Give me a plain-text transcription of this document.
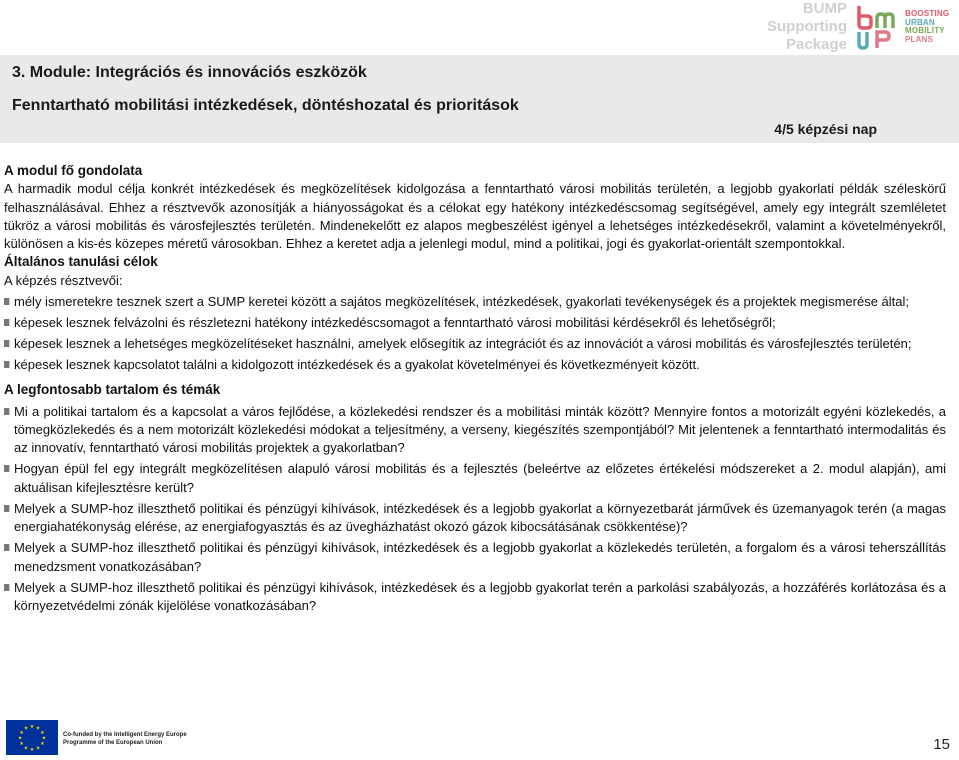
BUMP
Supporting
Package
BOOSTING
URBAN
MOBILITY
PLANS
3. Module: Integrációs és innovációs eszközök
Fenntartható mobilitási intézkedések, döntéshozatal és prioritások
4/5 képzési nap
A modul fő gondolata

A harmadik modul célja konkrét intézkedések és megközelítések kidolgozása a fenntartható városi mobilitás területén, a legjobb gyakorlati példák széleskörű felhasználásával. Ehhez a résztvevők azonosítják a hiányosságokat és a célokat egy hatékony intézkedéscsomag segítségével, amely egy integrált szemléletet tükröz a városi mobilitás és városfejlesztés területén. Mindenekelőtt ez alapos megbeszélést igényel a lehetséges intézkedésekről, valamint a követelményekről, különösen a kis-és közepes méretű városokban. Ehhez a keretet adja a jelenlegi modul, mind a politikai, jogi és gyakorlat-orientált szempontokkal.

Általános tanulási célok

A képzés résztvevői:

mély ismeretekre tesznek szert a SUMP keretei között a sajátos megközelítések, intézkedések, gyakorlati tevékenységek és a projektek megismerése által;
képesek lesznek felvázolni és részletezni hatékony intézkedéscsomagot a fenntartható városi mobilitási kérdésekről és lehetőségről;
képesek lesznek a lehetséges megközelítéseket használni, amelyek elősegítik az integrációt és az innovációt a városi mobilitás és városfejlesztés területén;
képesek lesznek kapcsolatot találni a kidolgozott intézkedések és a gyakolat követelményei és következményeit között.
A legfontosabb tartalom és témák
Mi a politikai tartalom és a kapcsolat a város fejlődése, a közlekedési rendszer és a mobilitási minták között? Mennyire fontos a motorizált egyéni közlekedés, a tömegközlekedés és a nem motorizált közlekedési módokat a teljesítmény, a verseny, kiegészítés szempontjából? Mit jelentenek a fenntartható intermodalitás és az innovatív, fenntartható városi mobilitás projektek a gyakorlatban?
Hogyan épül fel egy integrált megközelítésen alapuló városi mobilitás és a fejlesztés (beleértve az előzetes értékelési módszereket a 2. modul alapján), ami aktuálisan kifejlesztésre került?
Melyek a SUMP-hoz illeszthető politikai és pénzügyi kihívások, intézkedések és a legjobb gyakorlat a környezetbarát járművek és üzemanyagok terén (a magas energiahatékonyság elérése, az energiafogyasztás és az üvegházhatást okozó gázok kibocsátásának csökkentése)?
Melyek a SUMP-hoz illeszthető politikai és pénzügyi kihívások, intézkedések és a legjobb gyakorlat a közlekedés területén, a forgalom és a városi teherszállítás menedzsment vonatkozásában?
Melyek a SUMP-hoz illeszthető politikai és pénzügyi kihívások, intézkedések és a legjobb gyakorlat terén a parkolási szabályozás, a hozzáférés korlátozása és a környezetvédelmi zónák kijelölése vonatkozásában?
★ ★
★
★
★
★
★
★
★
★
★
★
Co-funded by the Intelligent Energy Europe
Programme of the European Union	15
